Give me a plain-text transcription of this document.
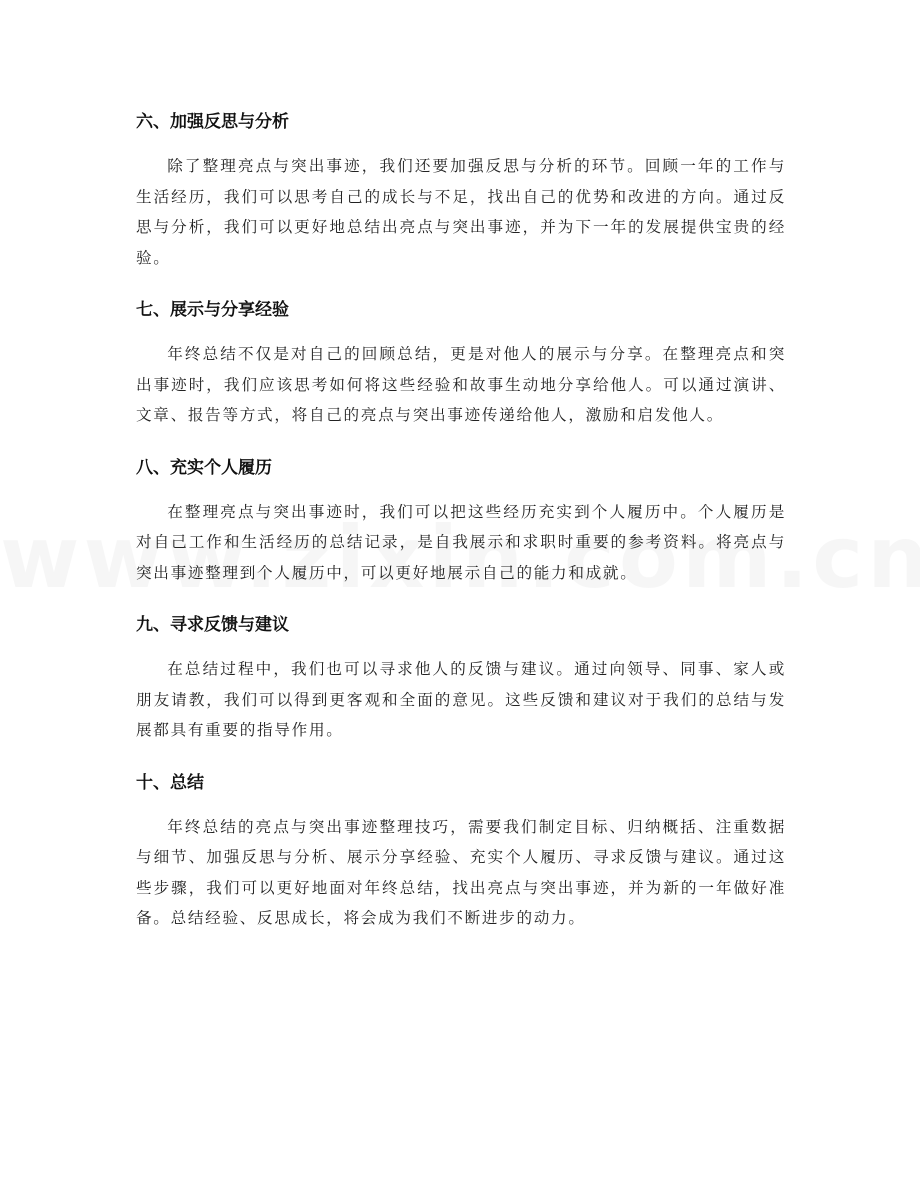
六、加强反思与分析

除了整理亮点与突出事迹，我们还要加强反思与分析的环节。回顾一年的工作与生活经历，我们可以思考自己的成长与不足，找出自己的优势和改进的方向。通过反思与分析，我们可以更好地总结出亮点与突出事迹，并为下一年的发展提供宝贵的经验。

七、展示与分享经验

年终总结不仅是对自己的回顾总结，更是对他人的展示与分享。在整理亮点和突出事迹时，我们应该思考如何将这些经验和故事生动地分享给他人。可以通过演讲、文章、报告等方式，将自己的亮点与突出事迹传递给他人，激励和启发他人。

八、充实个人履历

在整理亮点与突出事迹时，我们可以把这些经历充实到个人履历中。个人履历是对自己工作和生活经历的总结记录，是自我展示和求职时重要的参考资料。将亮点与突出事迹整理到个人履历中，可以更好地展示自己的能力和成就。

九、寻求反馈与建议

在总结过程中，我们也可以寻求他人的反馈与建议。通过向领导、同事、家人或朋友请教，我们可以得到更客观和全面的意见。这些反馈和建议对于我们的总结与发展都具有重要的指导作用。

十、总结

年终总结的亮点与突出事迹整理技巧，需要我们制定目标、归纳概括、注重数据与细节、加强反思与分析、展示分享经验、充实个人履历、寻求反馈与建议。通过这些步骤，我们可以更好地面对年终总结，找出亮点与突出事迹，并为新的一年做好准备。总结经验、反思成长，将会成为我们不断进步的动力。
